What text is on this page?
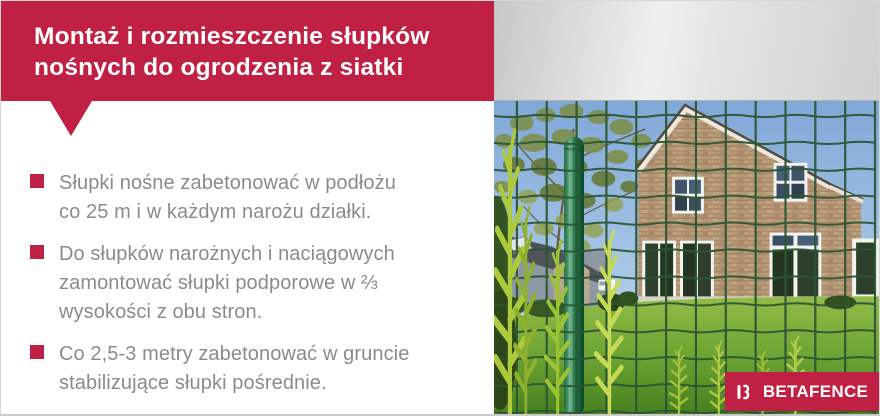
Montaż i rozmieszczenie słupków
nośnych do ogrodzenia z siatki

Słupki nośne zabetonować w podłożu
co 25 m i w każdym narożu działki.

Do słupków narożnych i naciągowych
zamontować słupki podporowe w ⅔
wysokości z obu stron.

Co 2,5-3 metry zabetonować w gruncie
stabilizujące słupki pośrednie.	BETAFENCE
